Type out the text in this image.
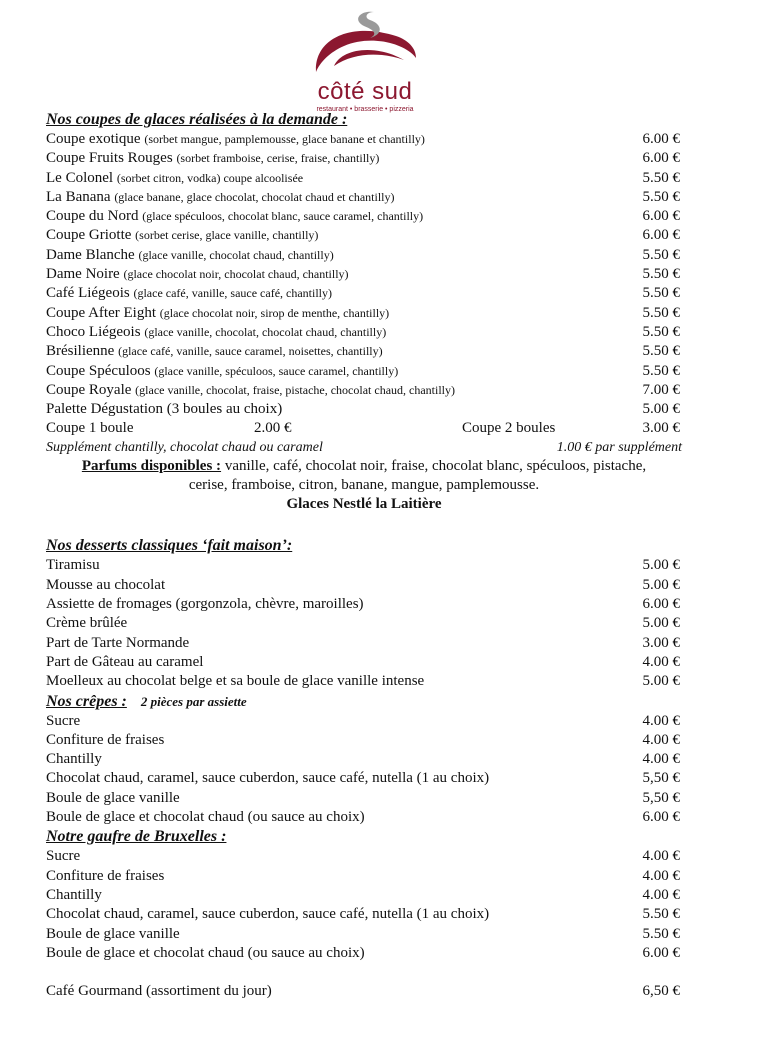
côté sud
restaurant • brasserie • pizzeria
Nos coupes de glaces réalisées à la demande :
Coupe exotique (sorbet mangue, pamplemousse, glace banane et chantilly)	6.00 €
Coupe Fruits Rouges (sorbet framboise, cerise, fraise, chantilly)	6.00 €
Le Colonel (sorbet citron, vodka) coupe alcoolisée	5.50 €
La Banana (glace banane, glace chocolat, chocolat chaud et chantilly)	5.50 €
Coupe du Nord (glace spéculoos, chocolat blanc, sauce caramel, chantilly)	6.00 €
Coupe Griotte (sorbet cerise, glace vanille, chantilly)	6.00 €
Dame Blanche (glace vanille, chocolat chaud, chantilly)	5.50 €
Dame Noire (glace chocolat noir, chocolat chaud, chantilly)	5.50 €
Café Liégeois (glace café, vanille, sauce café, chantilly)	5.50 €
Coupe After Eight (glace chocolat noir, sirop de menthe, chantilly)	5.50 €
Choco Liégeois (glace vanille, chocolat, chocolat chaud, chantilly)	5.50 €
Brésilienne (glace café, vanille, sauce caramel, noisettes, chantilly)	5.50 €
Coupe Spéculoos (glace vanille, spéculoos, sauce caramel, chantilly)	5.50 €
Coupe Royale (glace vanille, chocolat, fraise, pistache, chocolat chaud, chantilly)	7.00 €
Palette Dégustation (3 boules au choix)	5.00 €
Coupe 1 boule	2.00 €	Coupe 2 boules	3.00 €
Supplément chantilly, chocolat chaud ou caramel	1.00 € par supplément
Parfums disponibles : vanille, café, chocolat noir, fraise, chocolat blanc, spéculoos, pistache,
cerise, framboise, citron, banane, mangue, pamplemousse.
Glaces Nestlé la Laitière
Nos desserts classiques ‘fait maison’:
Tiramisu	5.00 €
Mousse au chocolat	5.00 €
Assiette de fromages (gorgonzola, chèvre, maroilles)	6.00 €
Crème brûlée	5.00 €
Part de Tarte Normande	3.00 €
Part de Gâteau au caramel	4.00 €
Moelleux au chocolat belge et sa boule de glace vanille intense	5.00 €
Nos crêpes : 2 pièces par assiette
Sucre	4.00 €
Confiture de fraises	4.00 €
Chantilly	4.00 €
Chocolat chaud, caramel, sauce cuberdon, sauce café, nutella (1 au choix)	5,50 €
Boule de glace vanille	5,50 €
Boule de glace et chocolat chaud (ou sauce au choix)	6.00 €
Notre gaufre de Bruxelles :
Sucre	4.00 €
Confiture de fraises	4.00 €
Chantilly	4.00 €
Chocolat chaud, caramel, sauce cuberdon, sauce café, nutella (1 au choix)	5.50 €
Boule de glace vanille	5.50 €
Boule de glace et chocolat chaud (ou sauce au choix)	6.00 €
Café Gourmand (assortiment du jour)	6,50 €
